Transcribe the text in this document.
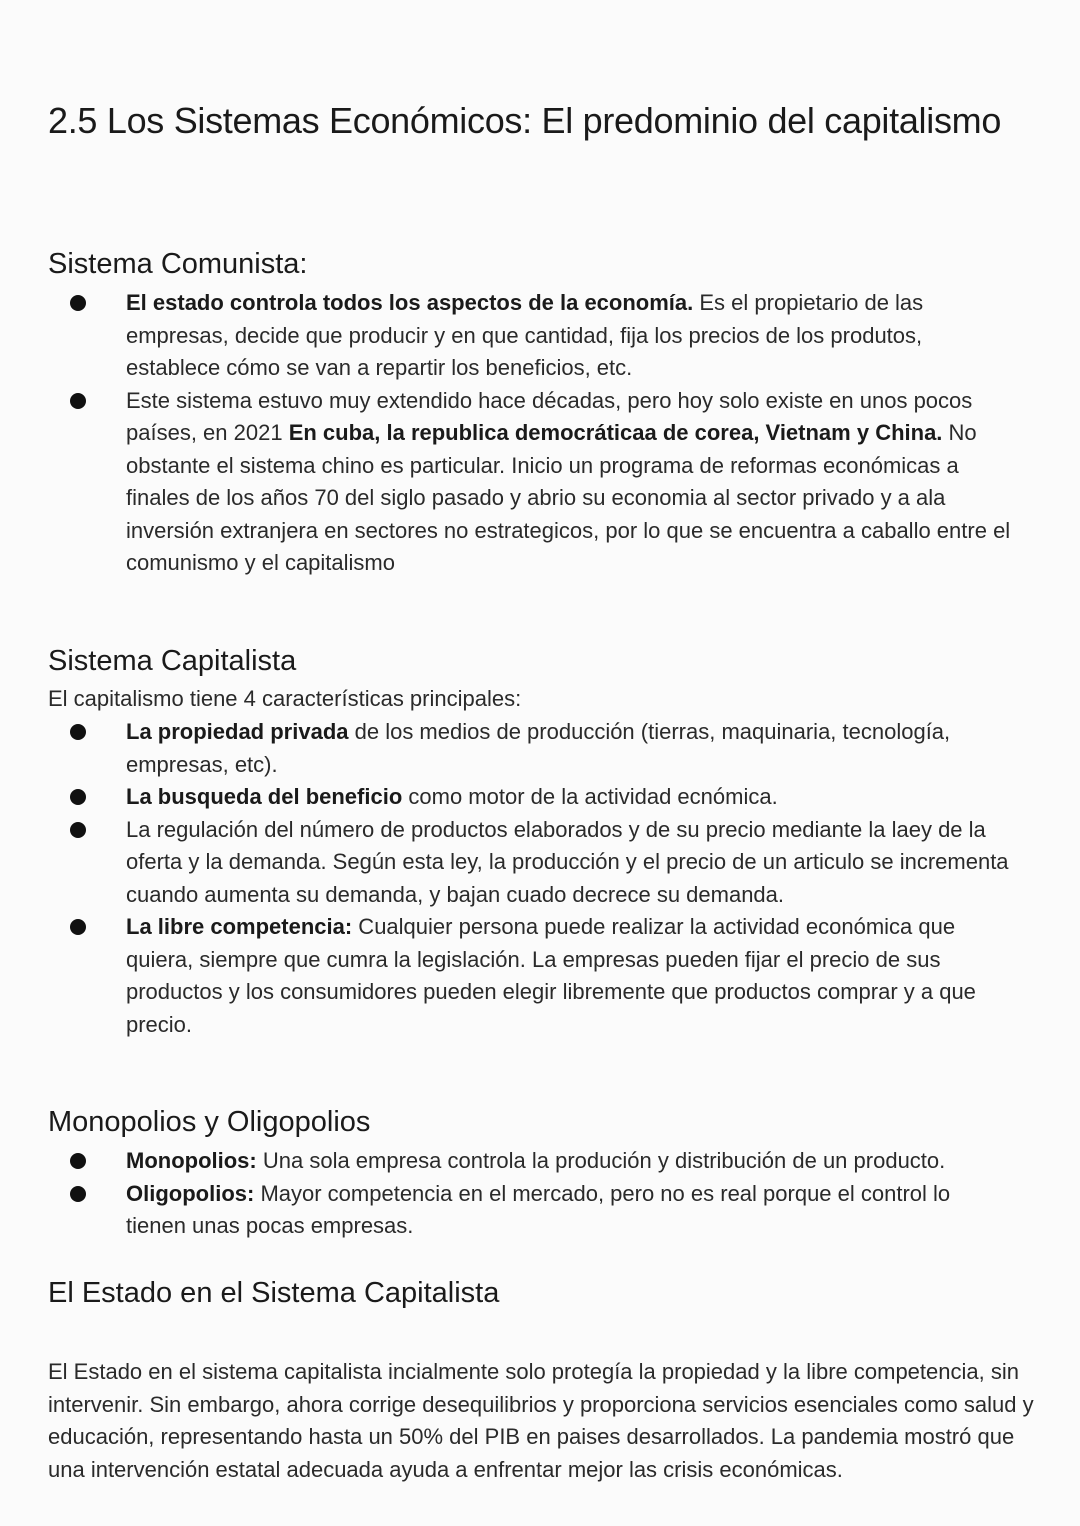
2.5 Los Sistemas Económicos: El predominio del capitalismo
Sistema Comunista:
El estado controla todos los aspectos de la economía. Es el propietario de las empresas, decide que producir y en que cantidad, fija los precios de los produtos, establece cómo se van a repartir los beneficios, etc.
Este sistema estuvo muy extendido hace décadas, pero hoy solo existe en unos pocos países, en 2021 En cuba, la republica democráticaa de corea, Vietnam y China. No obstante el sistema chino es particular. Inicio un programa de reformas económicas a finales de los años 70 del siglo pasado y abrio su economia al sector privado y a ala inversión extranjera en sectores no estrategicos, por lo que se encuentra a caballo entre el comunismo y el capitalismo
Sistema Capitalista

El capitalismo tiene 4 características principales:

La propiedad privada de los medios de producción (tierras, maquinaria, tecnología, empresas, etc).
La busqueda del beneficio como motor de la actividad ecnómica.
La regulación del número de productos elaborados y de su precio mediante la laey de la oferta y la demanda. Según esta ley, la producción y el precio de un articulo se incrementa cuando aumenta su demanda, y bajan cuado decrece su demanda.
La libre competencia: Cualquier persona puede realizar la actividad económica que quiera, siempre que cumra la legislación. La empresas pueden fijar el precio de sus productos y los consumidores pueden elegir libremente que productos comprar y a que precio.
Monopolios y Oligopolios
Monopolios: Una sola empresa controla la produción y distribución de un producto.
Oligopolios: Mayor competencia en el mercado, pero no es real porque el control lo tienen unas pocas empresas.
El Estado en el Sistema Capitalista

El Estado en el sistema capitalista incialmente solo protegía la propiedad y la libre competencia, sin intervenir. Sin embargo, ahora corrige desequilibrios y proporciona servicios esenciales como salud y educación, representando hasta un 50% del PIB en paises desarrollados. La pandemia mostró que una intervención estatal adecuada ayuda a enfrentar mejor las crisis económicas.
